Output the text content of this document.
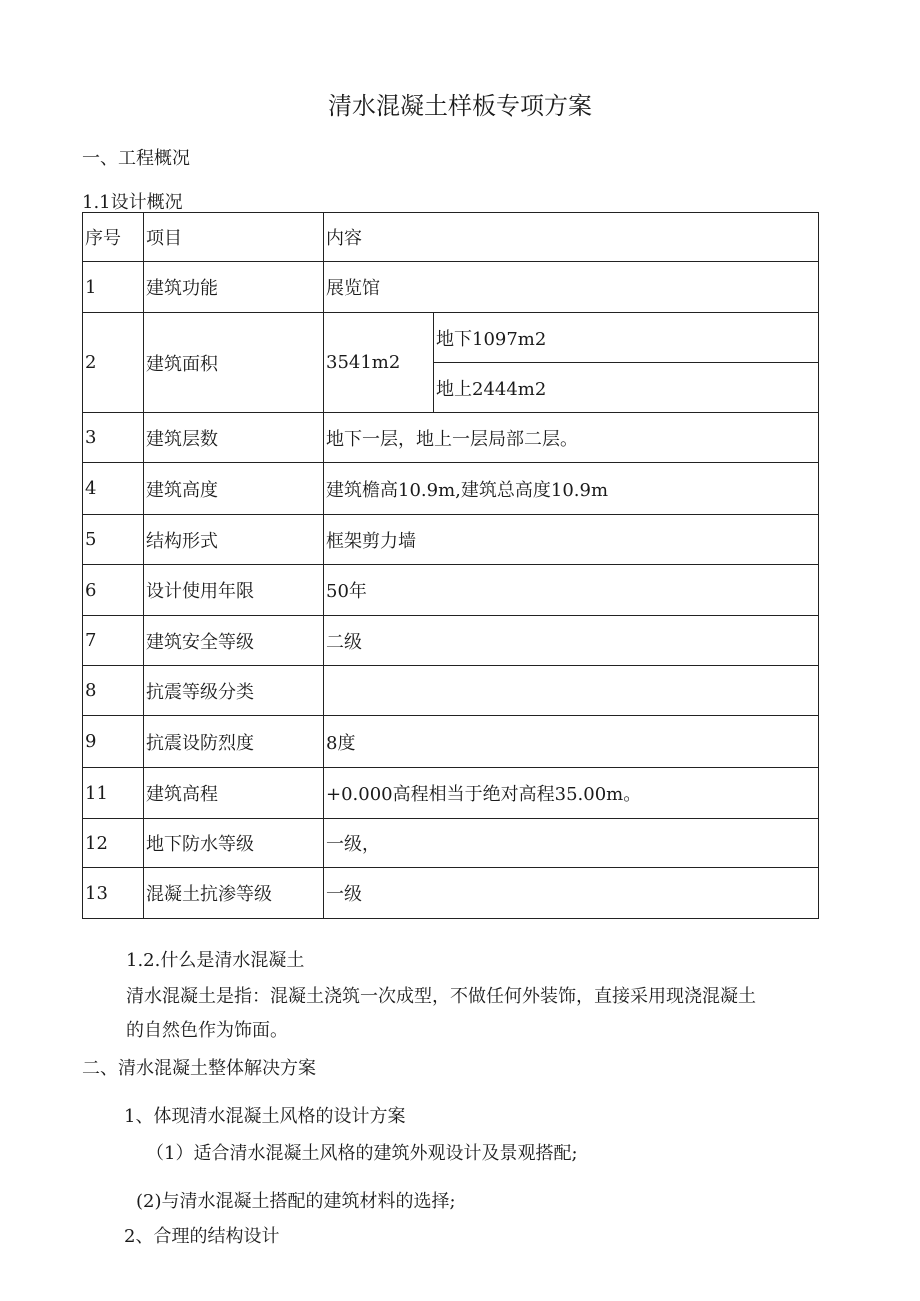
清水混凝土样板专项方案
一、工程概况
1.1设计概况
序号	项目	内容	
1	建筑功能	展览馆	
2	建筑面积	3541m2	地下1097m2
			地上2444m2
3	建筑层数	地下一层，地上一层局部二层。	
4	建筑高度	建筑檐高10.9m,建筑总高度10.9m	
5	结构形式	框架剪力墙	
6	设计使用年限	50年	
7	建筑安全等级	二级	
8	抗震等级分类		
9	抗震设防烈度	8度	
11	建筑高程	+0.000高程相当于绝对高程35.00m。	
12	地下防水等级	一级，	
13	混凝土抗渗等级	一级	
1.2.什么是清水混凝土
清水混凝土是指：混凝土浇筑一次成型，不做任何外装饰，直接采用现浇混凝土
的自然色作为饰面。
二、清水混凝土整体解决方案
1、体现清水混凝土风格的设计方案
（1）适合清水混凝土风格的建筑外观设计及景观搭配;
(2)与清水混凝土搭配的建筑材料的选择;
2、合理的结构设计
